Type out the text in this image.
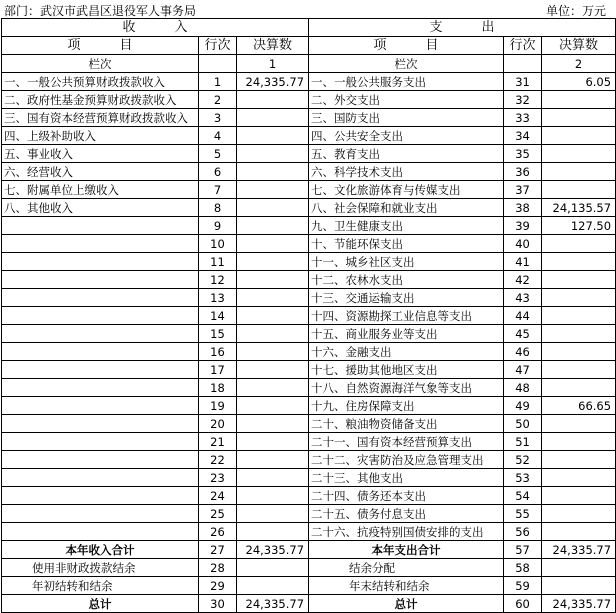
部门：武汉市武昌区退役军人事务局	单位：万元
收　　　入			支　　　出		
项　　　目	行次	决算数	项　　　目	行次	决算数
栏次		1	栏次		2
一、一般公共预算财政拨款收入	1	24,335.77	一、一般公共服务支出	31	6.05
二、政府性基金预算财政拨款收入	2		二、外交支出	32	
三、国有资本经营预算财政拨款收入	3		三、国防支出	33	
四、上级补助收入	4		四、公共安全支出	34	
五、事业收入	5		五、教育支出	35	
六、经营收入	6		六、科学技术支出	36	
七、附属单位上缴收入	7		七、文化旅游体育与传媒支出	37	
八、其他收入	8		八、社会保障和就业支出	38	24,135.57
	9		九、卫生健康支出	39	127.50
	10		十、节能环保支出	40	
	11		十一、城乡社区支出	41	
	12		十二、农林水支出	42	
	13		十三、交通运输支出	43	
	14		十四、资源勘探工业信息等支出	44	
	15		十五、商业服务业等支出	45	
	16		十六、金融支出	46	
	17		十七、援助其他地区支出	47	
	18		十八、自然资源海洋气象等支出	48	
	19		十九、住房保障支出	49	66.65
	20		二十、粮油物资储备支出	50	
	21		二十一、国有资本经营预算支出	51	
	22		二十二、灾害防治及应急管理支出	52	
	23		二十三、其他支出	53	
	24		二十四、债务还本支出	54	
	25		二十五、债务付息支出	55	
	26		二十六、抗疫特别国债安排的支出	56	
本年收入合计	27	24,335.77	本年支出合计	57	24,335.77
使用非财政拨款结余	28		结余分配	58	
年初结转和结余	29		年末结转和结余	59	
总计	30	24,335.77	总计	60	24,335.77
